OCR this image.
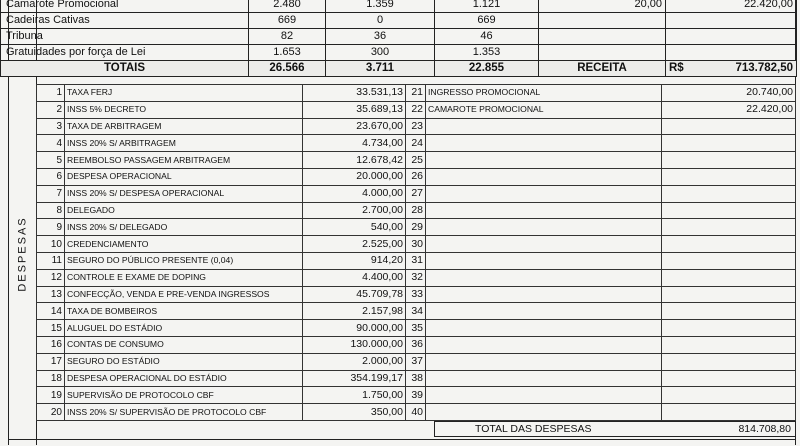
Camarote Promocional	2.480	1.359	1.121	20,00	22.420,00
Cadeiras Cativas	669	0	669		
Tribuna	82	36	46		
Gratuidades por força de Lei	1.653	300	1.353		
TOTAIS	26.566	3.711	22.855	RECEITA	R$ 713.782,50
DESPESAS
1	TAXA FERJ	33.531,13	21	INGRESSO PROMOCIONAL	20.740,00
2	INSS 5% DECRETO	35.689,13	22	CAMAROTE PROMOCIONAL	22.420,00
3	TAXA DE ARBITRAGEM	23.670,00	23		
4	INSS 20% S/ ARBITRAGEM	4.734,00	24		
5	REEMBOLSO PASSAGEM ARBITRAGEM	12.678,42	25		
6	DESPESA OPERACIONAL	20.000,00	26		
7	INSS 20% S/ DESPESA OPERACIONAL	4.000,00	27		
8	DELEGADO	2.700,00	28		
9	INSS 20% S/ DELEGADO	540,00	29		
10	CREDENCIAMENTO	2.525,00	30		
11	SEGURO DO PÚBLICO PRESENTE (0,04)	914,20	31		
12	CONTROLE E EXAME DE DOPING	4.400,00	32		
13	CONFECÇÃO, VENDA E PRE-VENDA INGRESSOS	45.709,78	33		
14	TAXA DE BOMBEIROS	2.157,98	34		
15	ALUGUEL DO ESTÁDIO	90.000,00	35		
16	CONTAS DE CONSUMO	130.000,00	36		
17	SEGURO DO ESTÁDIO	2.000,00	37		
18	DESPESA OPERACIONAL DO ESTÁDIO	354.199,17	38		
19	SUPERVISÃO DE PROTOCOLO CBF	1.750,00	39		
20	INSS 20% S/ SUPERVISÃO DE PROTOCOLO CBF	350,00	40		
TOTAL DAS DESPESAS	814.708,80
